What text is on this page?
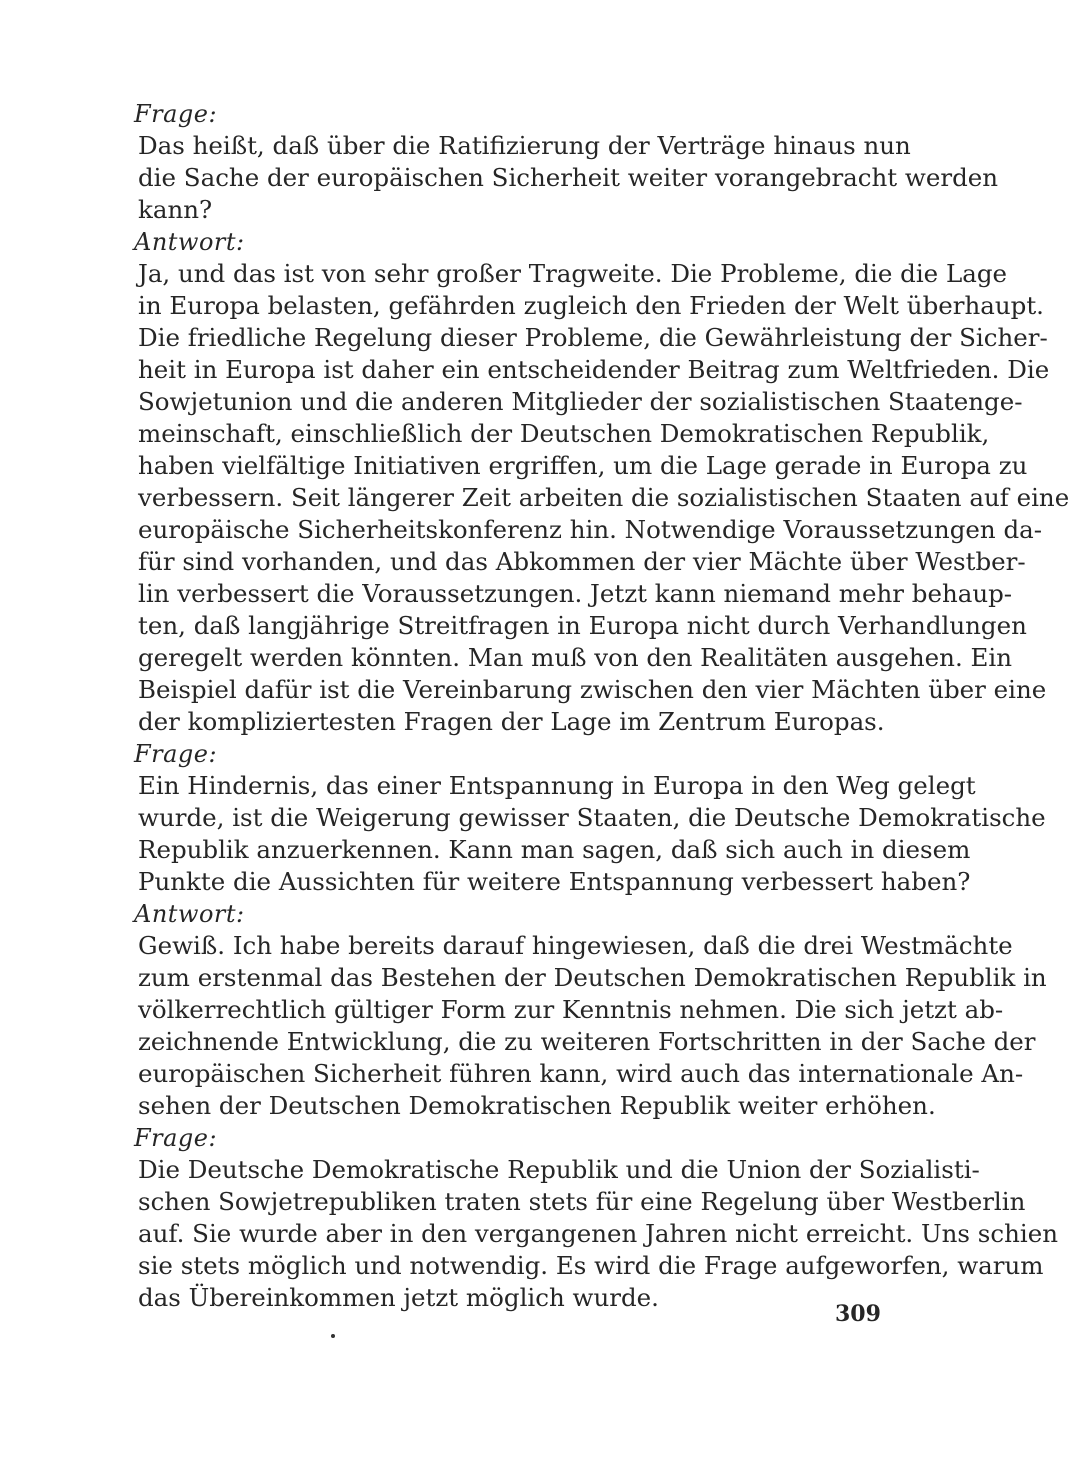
Frage:
Das heißt, daß über die Ratifizierung der Verträge hinaus nun
die Sache der europäischen Sicherheit weiter vorangebracht werden
kann?
Antwort:
Ja, und das ist von sehr großer Tragweite. Die Probleme, die die Lage
in Europa belasten, gefährden zugleich den Frieden der Welt überhaupt.
Die friedliche Regelung dieser Probleme, die Gewährleistung der Sicher-
heit in Europa ist daher ein entscheidender Beitrag zum Weltfrieden. Die
Sowjetunion und die anderen Mitglieder der sozialistischen Staatenge-
meinschaft, einschließlich der Deutschen Demokratischen Republik,
haben vielfältige Initiativen ergriffen, um die Lage gerade in Europa zu
verbessern. Seit längerer Zeit arbeiten die sozialistischen Staaten auf eine
europäische Sicherheitskonferenz hin. Notwendige Voraussetzungen da-
für sind vorhanden, und das Abkommen der vier Mächte über Westber-
lin verbessert die Voraussetzungen. Jetzt kann niemand mehr behaup-
ten, daß langjährige Streitfragen in Europa nicht durch Verhandlungen
geregelt werden könnten. Man muß von den Realitäten ausgehen. Ein
Beispiel dafür ist die Vereinbarung zwischen den vier Mächten über eine
der kompliziertesten Fragen der Lage im Zentrum Europas.
Frage:
Ein Hindernis, das einer Entspannung in Europa in den Weg gelegt
wurde, ist die Weigerung gewisser Staaten, die Deutsche Demokratische
Republik anzuerkennen. Kann man sagen, daß sich auch in diesem
Punkte die Aussichten für weitere Entspannung verbessert haben?
Antwort:
Gewiß. Ich habe bereits darauf hingewiesen, daß die drei Westmächte
zum erstenmal das Bestehen der Deutschen Demokratischen Republik in
völkerrechtlich gültiger Form zur Kenntnis nehmen. Die sich jetzt ab-
zeichnende Entwicklung, die zu weiteren Fortschritten in der Sache der
europäischen Sicherheit führen kann, wird auch das internationale An-
sehen der Deutschen Demokratischen Republik weiter erhöhen.
Frage:
Die Deutsche Demokratische Republik und die Union der Sozialisti-
schen Sowjetrepubliken traten stets für eine Regelung über Westberlin
auf. Sie wurde aber in den vergangenen Jahren nicht erreicht. Uns schien
sie stets möglich und notwendig. Es wird die Frage aufgeworfen, warum
das Übereinkommen jetzt möglich wurde.
309
